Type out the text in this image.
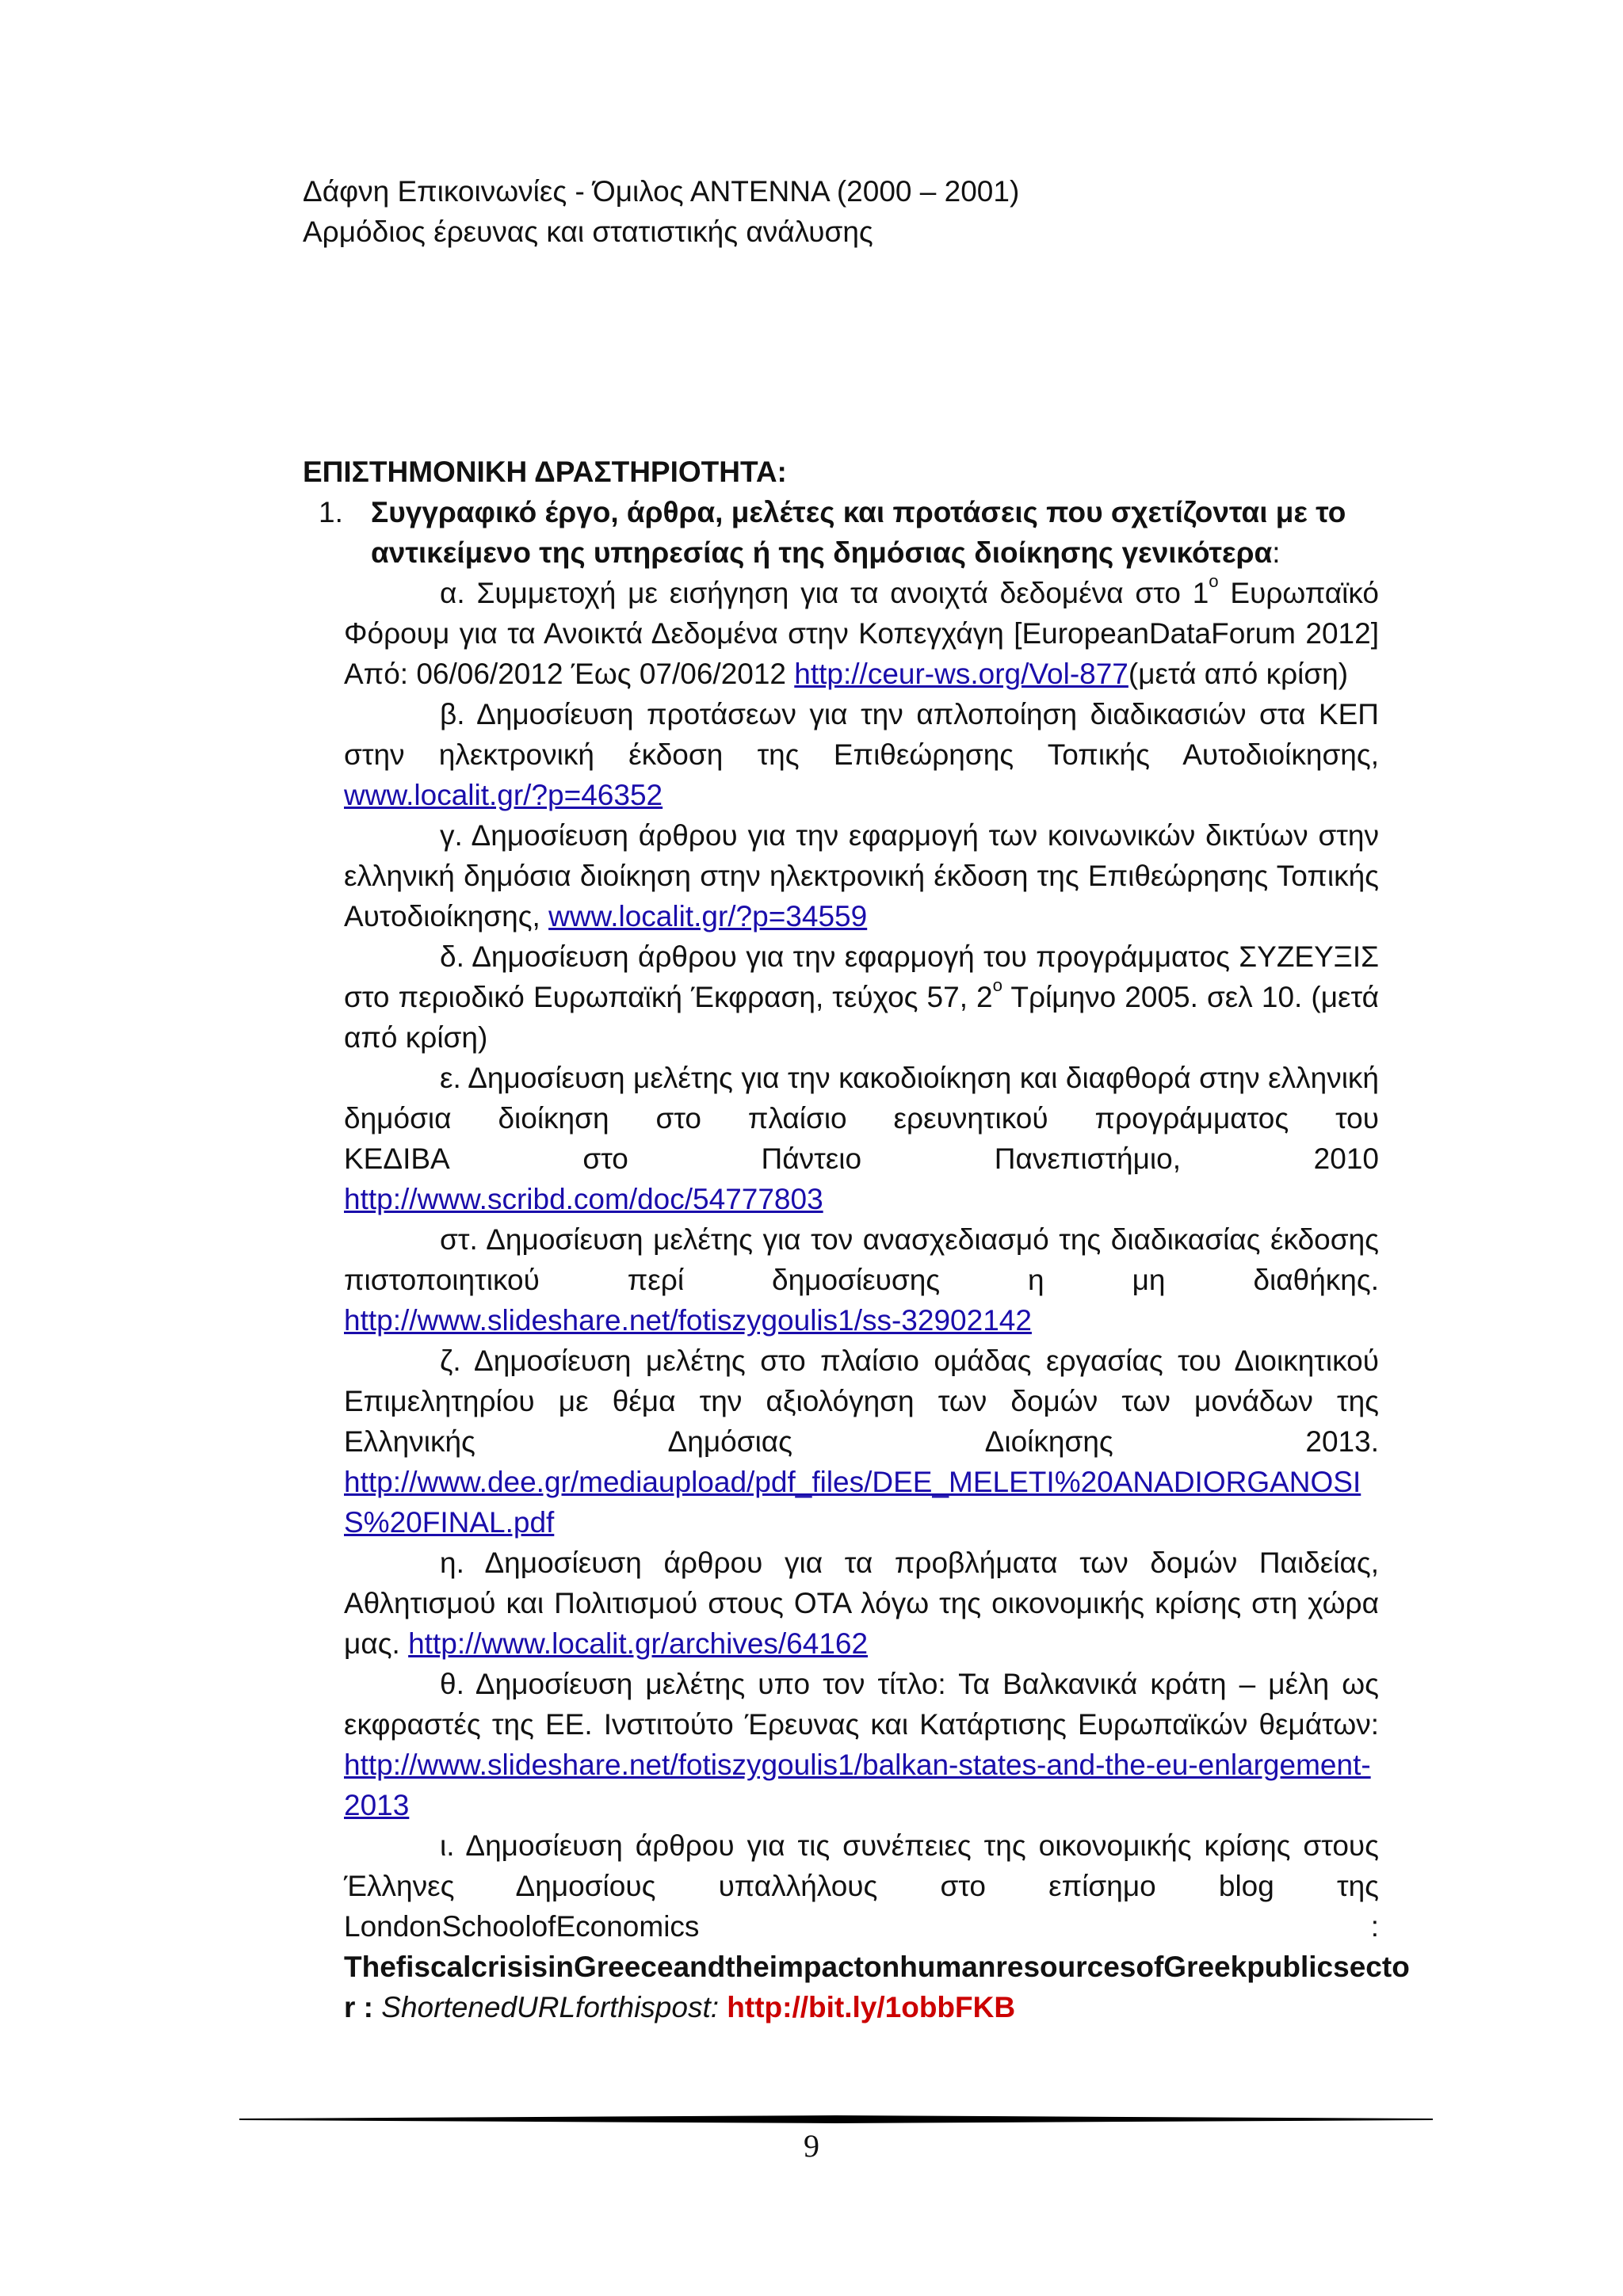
Δάφνη Επικοινωνίες - Όμιλος ΑΝΤΕΝΝΑ (2000 – 2001)
Αρμόδιος έρευνας και στατιστικής ανάλυσης
ΕΠΙΣΤΗΜΟΝΙΚΗ ΔΡΑΣΤΗΡΙΟΤΗΤΑ:
1. Συγγραφικό έργο, άρθρα, μελέτες και προτάσεις που σχετίζονται με το αντικείμενο της υπηρεσίας ή της δημόσιας διοίκησης γενικότερα:
α. Συμμετοχή με εισήγηση για τα ανοιχτά δεδομένα στο $1^o$ Ευρωπαϊκό Φόρουμ για τα Ανοικτά Δεδομένα στην Κοπεγχάγη [EuropeanDataForum 2012] Από: 06/06/2012 Έως 07/06/2012 http://ceur-ws.org/Vol-877(μετά από κρίση)
β. Δημοσίευση προτάσεων για την απλοποίηση διαδικασιών στα ΚΕΠ στην ηλεκτρονική έκδοση της Επιθεώρησης Τοπικής Αυτοδιοίκησης, www.localit.gr/?p=46352
γ. Δημοσίευση άρθρου για την εφαρμογή των κοινωνικών δικτύων στην ελληνική δημόσια διοίκηση στην ηλεκτρονική έκδοση της Επιθεώρησης Τοπικής Αυτοδιοίκησης, www.localit.gr/?p=34559
δ. Δημοσίευση άρθρου για την εφαρμογή του προγράμματος ΣΥΖΕΥΞΙΣ στο περιοδικό Ευρωπαϊκή Έκφραση, τεύχος 57, $2^o$ Τρίμηνο 2005. σελ 10. (μετά από κρίση)
ε. Δημοσίευση μελέτης για την κακοδιοίκηση και διαφθορά στην ελληνική δημόσια διοίκηση στο πλαίσιο ερευνητικού προγράμματος του
ΚΕΔΙΒΑ	στο	Πάντειο	Πανεπιστήμιο,	2010
http://www.scribd.com/doc/54777803
στ. Δημοσίευση μελέτης για τον ανασχεδιασμό της διαδικασίας έκδοσης πιστοποιητικού περί δημοσίευσης η μη διαθήκης.
http://www.slideshare.net/fotiszygoulis1/ss-32902142
ζ. Δημοσίευση μελέτης στο πλαίσιο ομάδας εργασίας του Διοικητικού Επιμελητηρίου με θέμα την αξιολόγηση των δομών των μονάδων της
Ελληνικής	Δημόσιας	Διοίκησης	2013.
http://www.dee.gr/mediaupload/pdf_files/DEE_MELETI%20ANADIORGANOSIS%20FINAL.pdf
η. Δημοσίευση άρθρου για τα προβλήματα των δομών Παιδείας, Αθλητισμού και Πολιτισμού στους ΟΤΑ λόγω της οικονομικής κρίσης στη χώρα μας. http://www.localit.gr/archives/64162
θ. Δημοσίευση μελέτης υπο τον τίτλο: Τα Βαλκανικά κράτη – μέλη ως εκφραστές της ΕΕ. Ινστιτούτο Έρευνας και Κατάρτισης Ευρωπαϊκών θεμάτων:
http://www.slideshare.net/fotiszygoulis1/balkan-states-and-the-eu-enlargement-2013
ι. Δημοσίευση άρθρου για τις συνέπειες της οικονομικής κρίσης στους Έλληνες Δημοσίους υπαλλήλους στο επίσημο blog της
LondonSchoolofEconomics	:
ThefiscalcrisisinGreeceandtheimpactonhumanresourcesofGreekpublicsecto
r : ShortenedURLforthispost: http://bit.ly/1obbFKB
9
